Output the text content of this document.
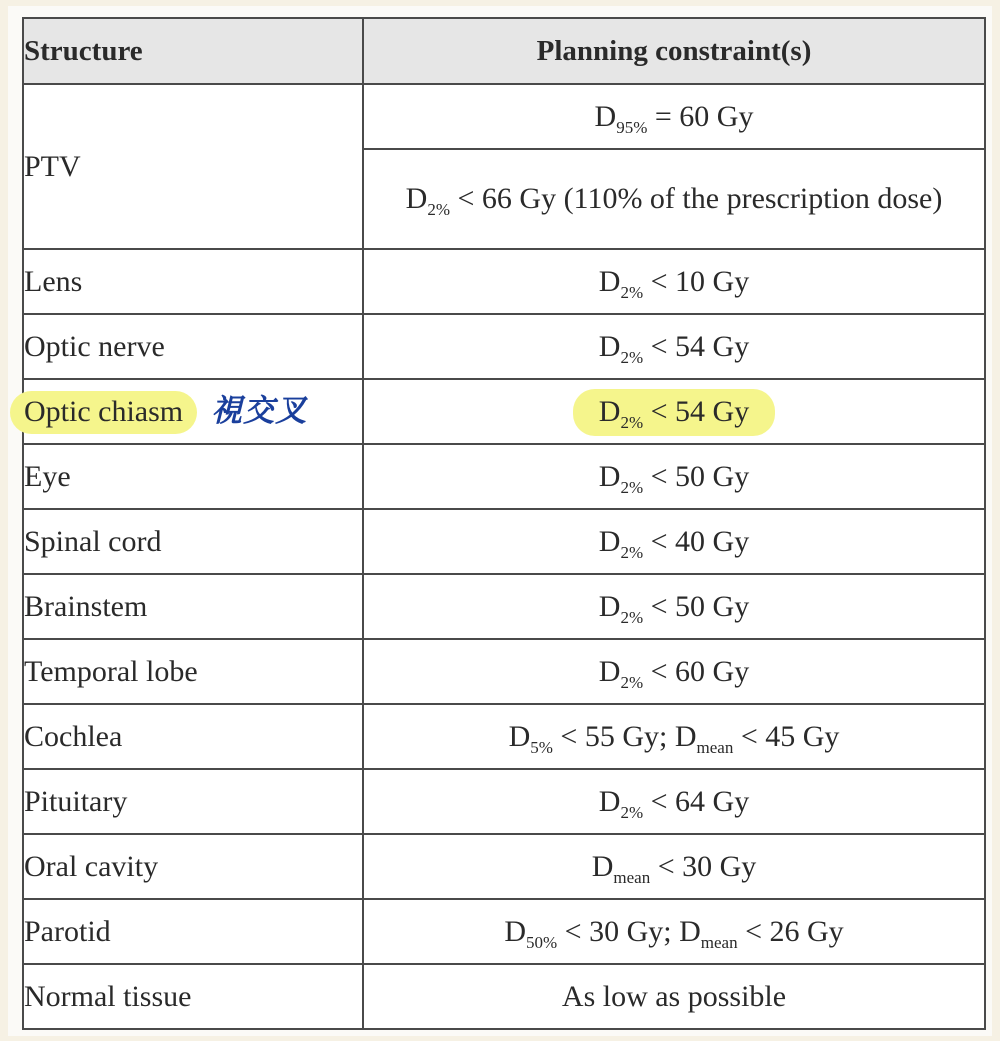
Structure	Planning constraint(s)
PTV	$D_{95\%} = 60$ Gy
	$D_{2\%} < 66$ Gy (110% of the prescription dose)
Lens	$D_{2\%} < 10$ Gy
Optic nerve	$D_{2\%} < 54$ Gy
Optic chiasm 視交叉	$D_{2\%} < 54$ Gy
Eye	$D_{2\%} < 50$ Gy
Spinal cord	$D_{2\%} < 40$ Gy
Brainstem	$D_{2\%} < 50$ Gy
Temporal lobe	$D_{2\%} < 60$ Gy
Cochlea	$D_{5\%} < 55$ Gy; $D_{mean} < 45$ Gy
Pituitary	$D_{2\%} < 64$ Gy
Oral cavity	$D_{mean} < 30$ Gy
Parotid	$D_{50\%} < 30$ Gy; $D_{mean} < 26$ Gy
Normal tissue	As low as possible
